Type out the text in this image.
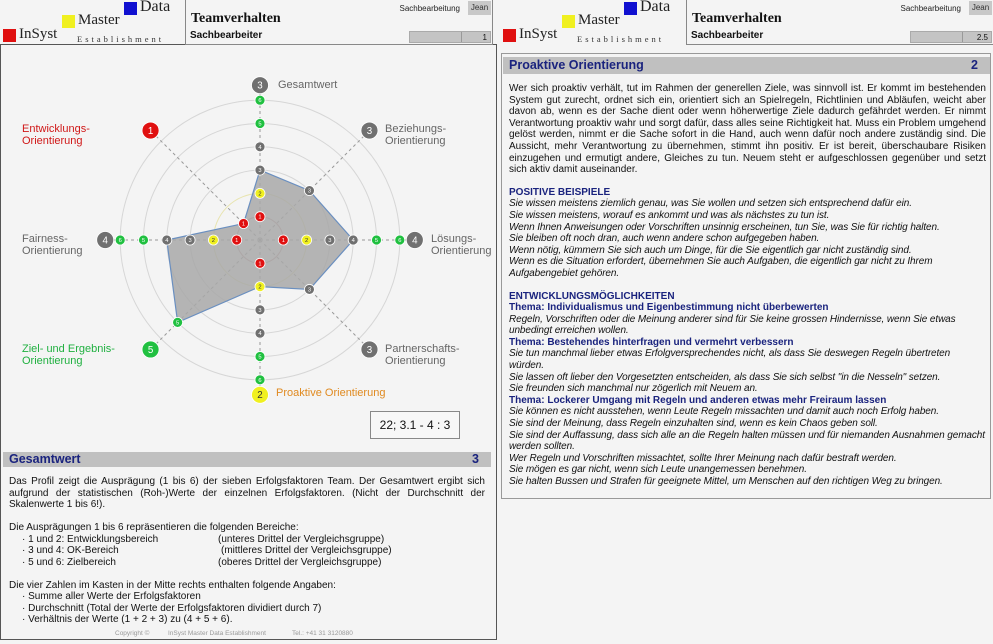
Data
Master
InSyst Establishment
Teamverhalten
Sachbearbeiter
Sachbearbeitung	Jean
1
1
2
3
4
5
6
3
3
3
1	2	3	4	5	6 4
3
3
1
2
3
4
5
6
2
5
5
1
2
3
4
5
6
4
1
1
Gesamtwert
Beziehungs-
Orientierung
Lösungs-
Orientierung
Partnerschafts-
Orientierung
Proaktive Orientierung
Ziel- und Ergebnis-
Orientierung
Fairness-
Orientierung
Entwicklungs-
Orientierung
22; 3.1 - 4 : 3
Gesamtwert	3
Das Profil zeigt die Ausprägung (1 bis 6) der sieben Erfolgsfaktoren Team. Der Gesamtwert ergibt sich aufgrund der statistischen (Roh-)Werte der einzelnen Erfolgsfaktoren. (Nicht der Durchschnitt der Skalenwerte 1 bis 6!).
Die Ausprägungen 1 bis 6 repräsentieren die folgenden Bereiche:
· 1 und 2: Entwicklungsbereich	(unteres Drittel der Vergleichsgruppe)
· 3 und 4: OK-Bereich	(mittleres Drittel der Vergleichsgruppe)
· 5 und 6: Zielbereich	(oberes Drittel der Vergleichsgruppe)
Die vier Zahlen im Kasten in der Mitte rechts enthalten folgende Angaben:
· Summe aller Werte der Erfolgsfaktoren
· Durchschnitt (Total der Werte der Erfolgsfaktoren dividiert durch 7)
· Verhältnis der Werte (1 + 2 + 3) zu (4 + 5 + 6).
Copyright ©	InSyst Master Data Establishment	Tel.: +41 31 3120880
Data
Master
InSyst Establishment
Teamverhalten
Sachbearbeiter
Sachbearbeitung	Jean
2.5
Proaktive Orientierung	2
Wer sich proaktiv verhält, tut im Rahmen der generellen Ziele, was sinnvoll ist. Er kommt im bestehenden System gut zurecht, ordnet sich ein, orientiert sich an Spielregeln, Richtlinien und Abläufen, weicht aber davon ab, wenn es der Sache dient oder wenn höherwertige Ziele dadurch gefährdet werden. Er nimmt Verantwortung proaktiv wahr und sorgt dafür, dass alles seine Richtigkeit hat. Muss ein Problem umgehend gelöst werden, nimmt er die Sache sofort in die Hand, auch wenn dafür noch andere zuständig sind. Die Aussicht, mehr Verantwortung zu übernehmen, stimmt ihn positiv. Er ist bereit, überschaubare Risiken einzugehen und ermutigt andere, Gleiches zu tun. Neuem steht er aufgeschlossen gegenüber und setzt sich aktiv damit auseinander.
POSITIVE BEISPIELE
Sie wissen meistens ziemlich genau, was Sie wollen und setzen sich entsprechend dafür ein.
Sie wissen meistens, worauf es ankommt und was als nächstes zu tun ist.
Wenn Ihnen Anweisungen oder Vorschriften unsinnig erscheinen, tun Sie, was Sie für richtig halten.
Sie bleiben oft noch dran, auch wenn andere schon aufgegeben haben.
Wenn nötig, kümmern Sie sich auch um Dinge, für die Sie eigentlich gar nicht zuständig sind.
Wenn es die Situation erfordert, übernehmen Sie auch Aufgaben, die eigentlich gar nicht zu Ihrem Aufgabengebiet gehören.
ENTWICKLUNGSMÖGLICHKEITEN
Thema: Individualismus und Eigenbestimmung nicht überbewerten
Regeln, Vorschriften oder die Meinung anderer sind für Sie keine grossen Hindernisse, wenn Sie etwas unbedingt erreichen wollen.
Thema: Bestehendes hinterfragen und vermehrt verbessern
Sie tun manchmal lieber etwas Erfolgversprechendes nicht, als dass Sie deswegen Regeln übertreten würden.
Sie lassen oft lieber den Vorgesetzten entscheiden, als dass Sie sich selbst "in die Nesseln" setzen.
Sie freunden sich manchmal nur zögerlich mit Neuem an.
Thema: Lockerer Umgang mit Regeln und anderen etwas mehr Freiraum lassen
Sie können es nicht ausstehen, wenn Leute Regeln missachten und damit auch noch Erfolg haben.
Sie sind der Meinung, dass Regeln einzuhalten sind, wenn es kein Chaos geben soll.
Sie sind der Auffassung, dass sich alle an die Regeln halten müssen und für niemanden Ausnahmen gemacht werden sollten.
Wer Regeln und Vorschriften missachtet, sollte Ihrer Meinung nach dafür bestraft werden.
Sie mögen es gar nicht, wenn sich Leute unangemessen benehmen.
Sie halten Bussen und Strafen für geeignete Mittel, um Menschen auf den richtigen Weg zu bringen.
